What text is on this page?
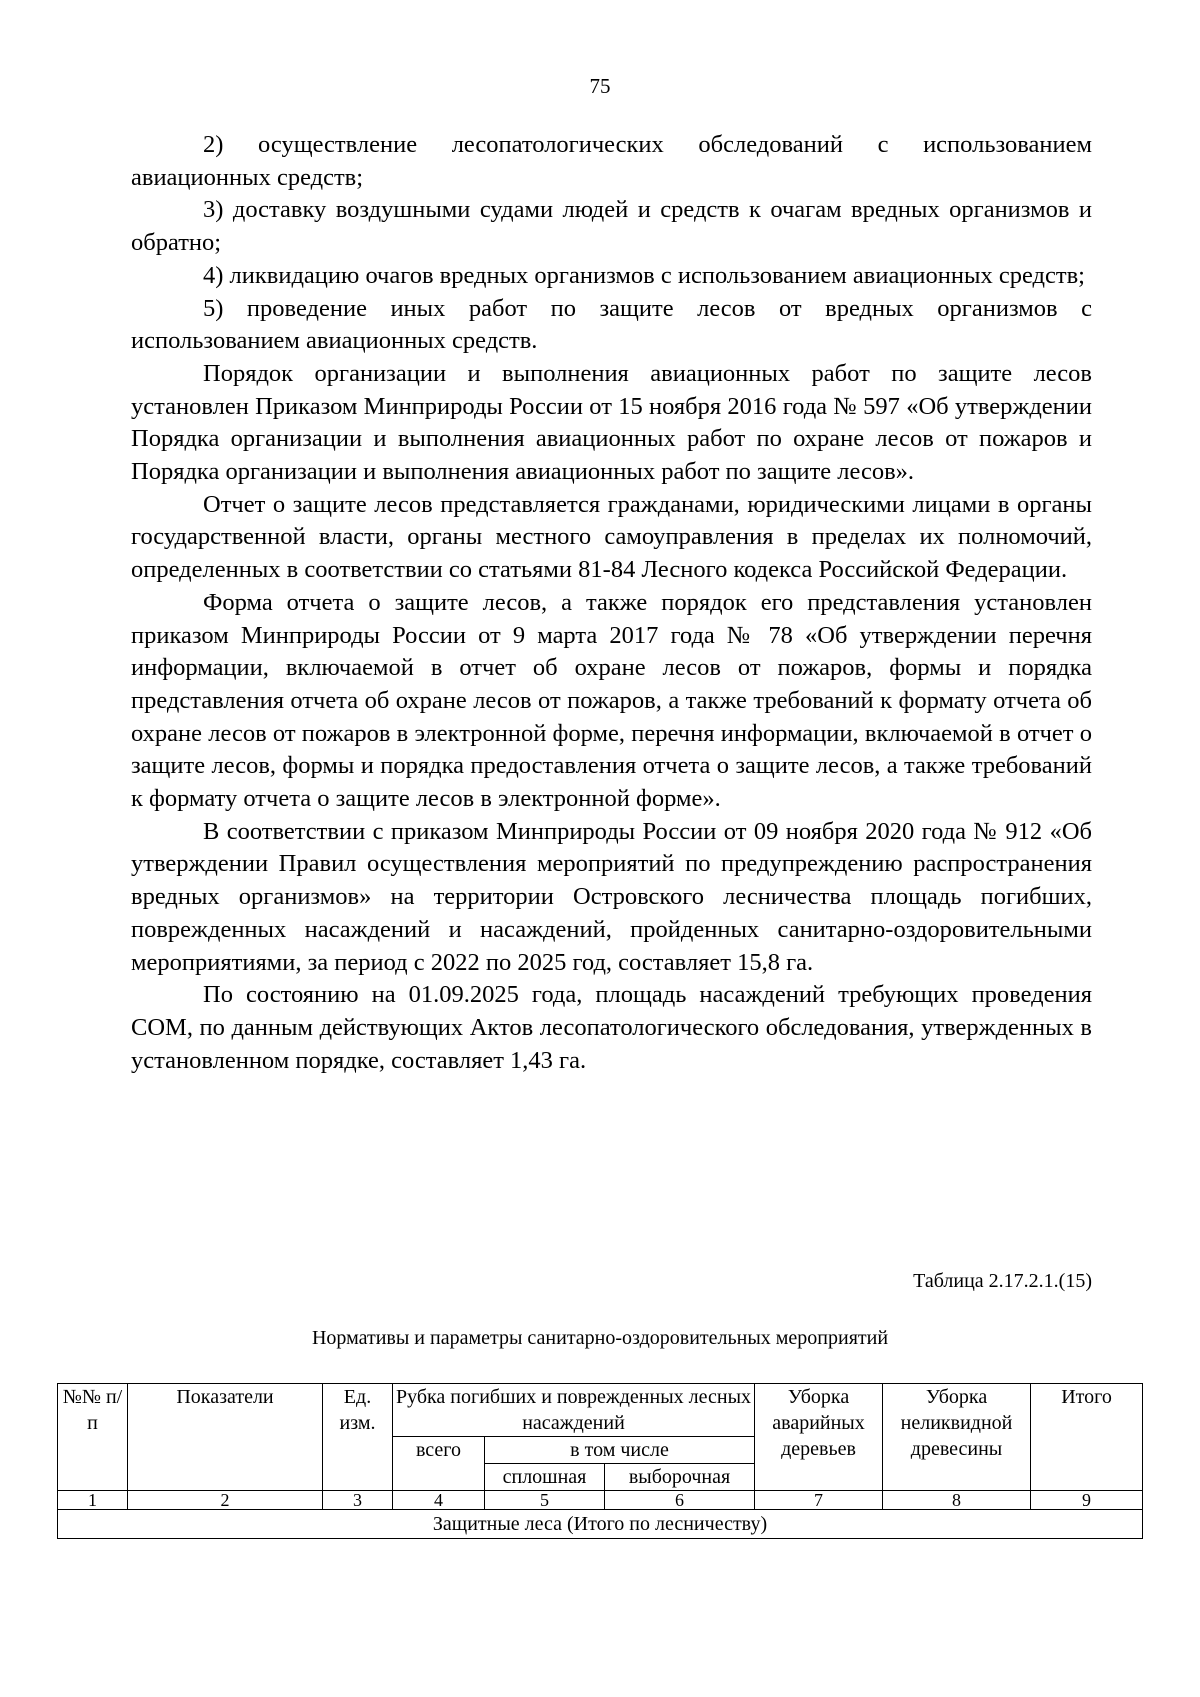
75

2) осуществление лесопатологических обследований с использованием авиационных средств;

3) доставку воздушными судами людей и средств к очагам вредных организмов и обратно;

4) ликвидацию очагов вредных организмов с использованием авиационных средств;

5) проведение иных работ по защите лесов от вредных организмов с использованием авиационных средств.

Порядок организации и выполнения авиационных работ по защите лесов установлен Приказом Минприроды России от 15 ноября 2016 года № 597 «Об утверждении Порядка организации и выполнения авиационных работ по охране лесов от пожаров и Порядка организации и выполнения авиационных работ по защите лесов».

Отчет о защите лесов представляется гражданами, юридическими лицами в органы государственной власти, органы местного самоуправления в пределах их полномочий, определенных в соответствии со статьями 81-84 Лесного кодекса Российской Федерации.

Форма отчета о защите лесов, а также порядок его представления установлен приказом Минприроды России от 9 марта 2017 года № 78 «Об утверждении перечня информации, включаемой в отчет об охране лесов от пожаров, формы и порядка представления отчета об охране лесов от пожаров, а также требований к формату отчета об охране лесов от пожаров в электронной форме, перечня информации, включаемой в отчет о защите лесов, формы и порядка предоставления отчета о защите лесов, а также требований к формату отчета о защите лесов в электронной форме».

В соответствии с приказом Минприроды России от 09 ноября 2020 года № 912 «Об утверждении Правил осуществления мероприятий по предупреждению распространения вредных организмов» на территории Островского лесничества площадь погибших, поврежденных насаждений и насаждений, пройденных санитарно-оздоровительными мероприятиями, за период с 2022 по 2025 год, составляет 15,8 га.

По состоянию на 01.09.2025 года, площадь насаждений требующих проведения СОМ, по данным действующих Актов лесопатологического обследования, утвержденных в установленном порядке, составляет 1,43 га.

Таблица 2.17.2.1.(15)
Нормативы и параметры санитарно-оздоровительных мероприятий
№№ п/п	Показатели	Ед. изм.	Рубка погибших и поврежденных лесных насаждений			Уборка аварийных деревьев	Уборка неликвидной древесины	Итого
			всего	в том числе				
				сплошная	выборочная			
1	2	3	4	5	6	7	8	9
Защитные леса (Итого по лесничеству)								
